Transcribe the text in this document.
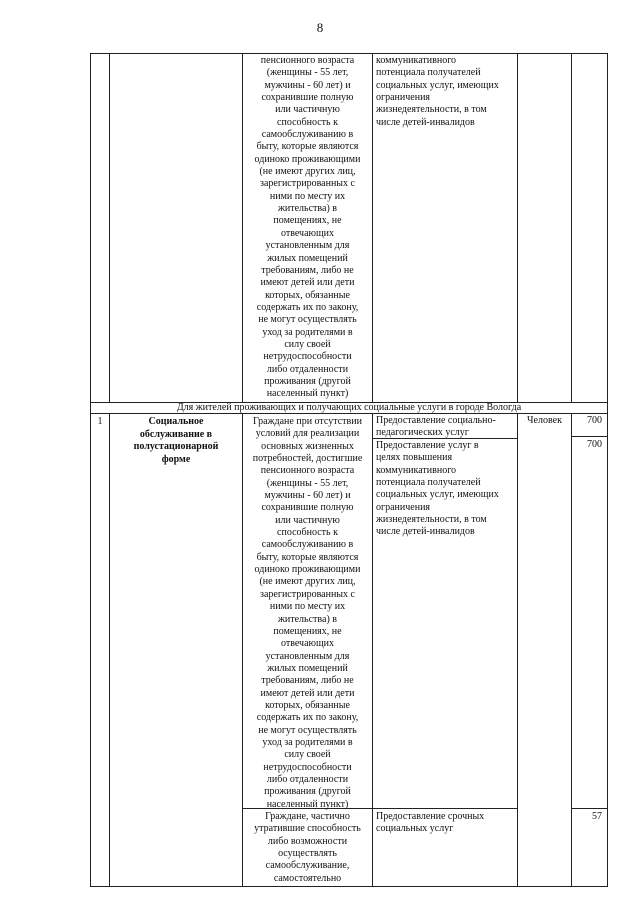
8
пенсионного возраста
(женщины - 55 лет,
мужчины - 60 лет) и
сохранившие полную
или частичную
способность к
самообслуживанию в
быту, которые являются
одиноко проживающими
(не имеют других лиц,
зарегистрированных с
ними по месту их
жительства) в
помещениях, не
отвечающих
установленным для
жилых помещений
требованиям, либо не
имеют детей или дети
которых, обязанные
содержать их по закону,
не могут осуществлять
уход за родителями в
силу своей
нетрудоспособности
либо отдаленности
проживания (другой
населенный пункт)
коммуникативного
потенциала получателей
социальных услуг, имеющих
ограничения
жизнедеятельности, в том
числе детей-инвалидов
Для жителей проживающих и получающих социальные услуги в городе Вологда
1	Социальное
обслуживание в
полустационарной
форме
Граждане при отсутствии
условий для реализации
основных жизненных
потребностей, достигшие
пенсионного возраста
(женщины - 55 лет,
мужчины - 60 лет) и
сохранившие полную
или частичную
способность к
самообслуживанию в
быту, которые являются
одиноко проживающими
(не имеют других лиц,
зарегистрированных с
ними по месту их
жительства) в
помещениях, не
отвечающих
установленным для
жилых помещений
требованиям, либо не
имеют детей или дети
которых, обязанные
содержать их по закону,
не могут осуществлять
уход за родителями в
силу своей
нетрудоспособности
либо отдаленности
проживания (другой
населенный пункт)
Предоставление социально-
педагогических услуг
Предоставление услуг в
целях повышения
коммуникативного
потенциала получателей
социальных услуг, имеющих
ограничения
жизнедеятельности, в том
числе детей-инвалидов
Человек	700
700
Граждане, частично
утратившие способность
либо возможности
осуществлять
самообслуживание,
самостоятельно
Предоставление срочных
социальных услуг
57
